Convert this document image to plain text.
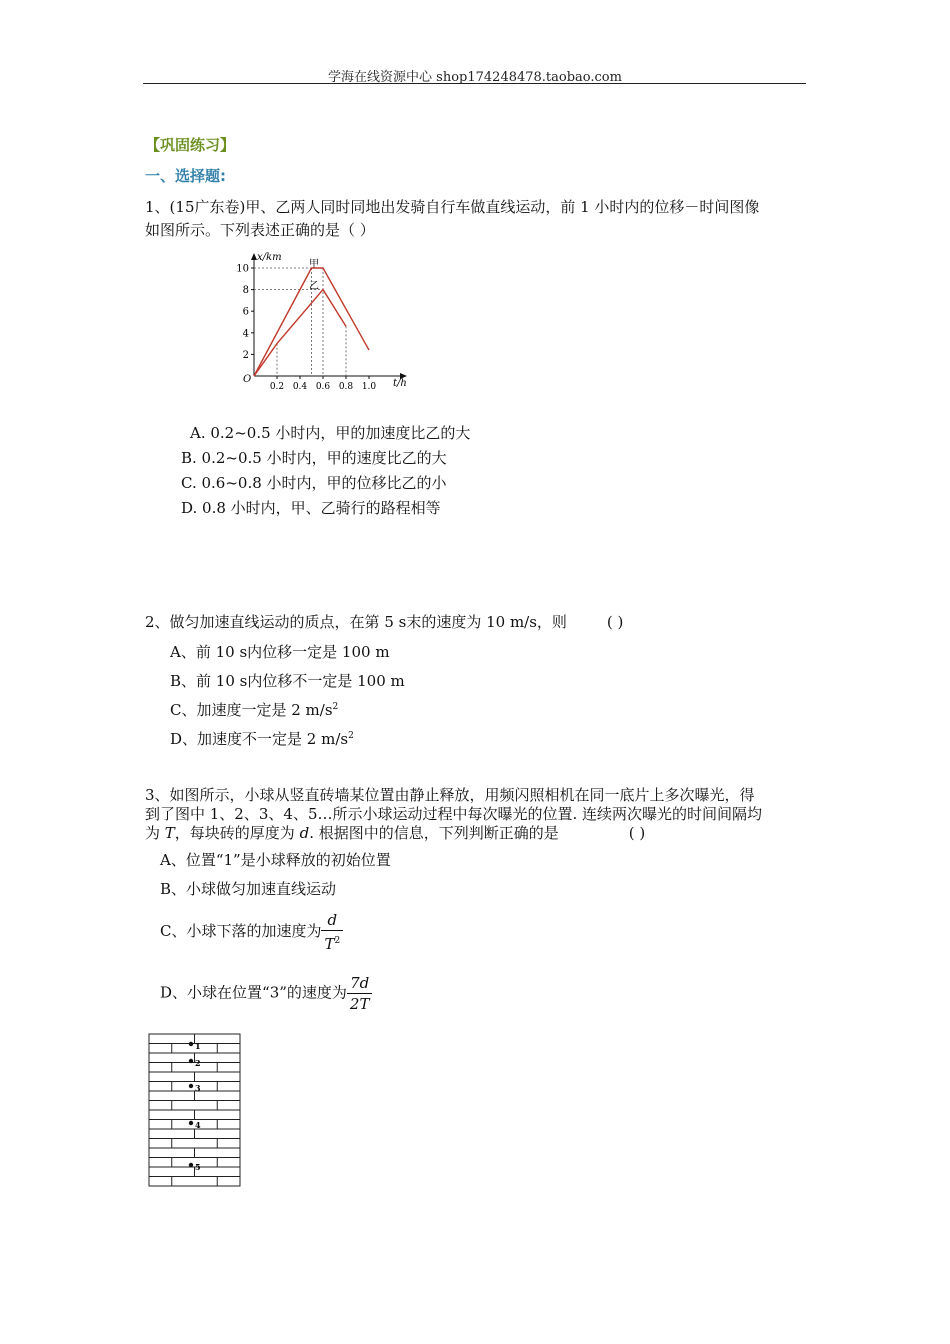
学海在线资源中心 shop174248478.taobao.com
【巩固练习】
一、选择题:
1、(15广东卷)甲、乙两人同时同地出发骑自行车做直线运动，前 1 小时内的位移－时间图像
如图所示。下列表述正确的是（ ）
x/km
t/h
O
2
4
6
8
10
0.2 0.4 0.6 0.8 1.0
甲
乙
A. 0.2~0.5 小时内，甲的加速度比乙的大
B. 0.2~0.5 小时内，甲的速度比乙的大
C. 0.6~0.8 小时内，甲的位移比乙的小
D. 0.8 小时内，甲、乙骑行的路程相等
2、做匀加速直线运动的质点，在第 5 s末的速度为 10 m/s，则	( )
A、前 10 s内位移一定是 100 m
B、前 10 s内位移不一定是 100 m
C、加速度一定是 2 $m/s^2$
D、加速度不一定是 2 $m/s^2$
3、如图所示，小球从竖直砖墙某位置由静止释放，用频闪照相机在同一底片上多次曝光，得
到了图中 1、2、3、4、5…所示小球运动过程中每次曝光的位置. 连续两次曝光的时间间隔均
为 T，每块砖的厚度为 d. 根据图中的信息，下列判断正确的是	( )
A、位置“1”是小球释放的初始位置
B、小球做匀加速直线运动
C、小球下落的加速度为 $\frac{d}{T^2}$
D、小球在位置“3”的速度为 $\frac{7d}{2T}$
1
2
3
4
5
